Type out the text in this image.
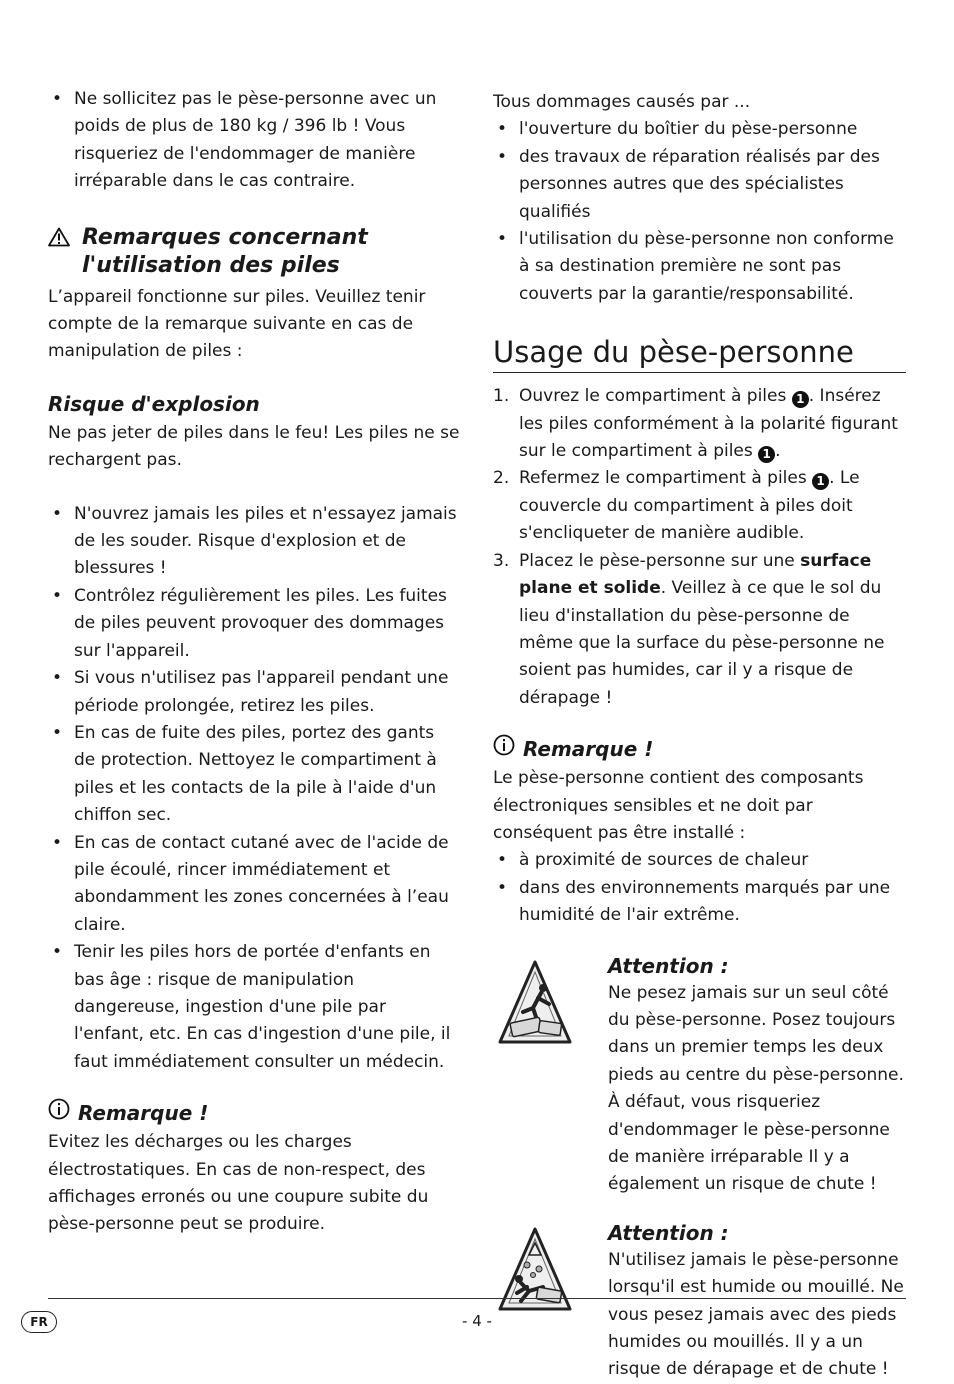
• Ne sollicitez pas le pèse-personne avec un poids de plus de 180 kg / 396 lb ! Vous risqueriez de l'endommager de manière irréparable dans le cas contraire.
Remarques concernant l'utilisation des piles

L’appareil fonctionne sur piles. Veuillez tenir compte de la remarque suivante en cas de manipulation de piles :

Risque d'explosion

Ne pas jeter de piles dans le feu! Les piles ne se rechargent pas.

• N'ouvrez jamais les piles et n'essayez jamais de les souder. Risque d'explosion et de blessures !
• Contrôlez régulièrement les piles. Les fuites de piles peuvent provoquer des dommages sur l'appareil.
• Si vous n'utilisez pas l'appareil pendant une période prolongée, retirez les piles.
• En cas de fuite des piles, portez des gants de protection. Nettoyez le compartiment à piles et les contacts de la pile à l'aide d'un chiffon sec.
• En cas de contact cutané avec de l'acide de pile écoulé, rincer immédiatement et abondamment les zones concernées à l’eau claire.
• Tenir les piles hors de portée d'enfants en bas âge : risque de manipulation dangereuse, ingestion d'une pile par l'enfant, etc. En cas d'ingestion d'une pile, il faut immédiatement consulter un médecin.
Remarque !

Evitez les décharges ou les charges électrostatiques. En cas de non-respect, des affichages erronés ou une coupure subite du pèse-personne peut se produire.

Tous dommages causés par ...

• l'ouverture du boîtier du pèse-personne
• des travaux de réparation réalisés par des personnes autres que des spécialistes qualifiés
• l'utilisation du pèse-personne non conforme à sa destination première ne sont pas couverts par la garantie/responsabilité.
Usage du pèse-personne
1. Ouvrez le compartiment à piles 1 . Insérez les piles conformément à la polarité figurant sur le compartiment à piles 1 .
2. Refermez le compartiment à piles 1 . Le couvercle du compartiment à piles doit s'encliqueter de manière audible.
3. Placez le pèse-personne sur une surface plane et solide. Veillez à ce que le sol du lieu d'installation du pèse-personne de même que la surface du pèse-personne ne soient pas humides, car il y a risque de dérapage !
Remarque !

Le pèse-personne contient des composants électroniques sensibles et ne doit par conséquent pas être installé :

• à proximité de sources de chaleur
• dans des environnements marqués par une humidité de l'air extrême.
Attention :

Ne pesez jamais sur un seul côté du pèse-personne. Posez toujours dans un premier temps les deux pieds au centre du pèse-personne. À défaut, vous risqueriez d'endommager le pèse-personne de manière irréparable Il y a également un risque de chute !

Attention :

N'utilisez jamais le pèse-personne lorsqu'il est humide ou mouillé. Ne vous pesez jamais avec des pieds humides ou mouillés. Il y a un risque de dérapage et de chute !

FR	- 4 -
